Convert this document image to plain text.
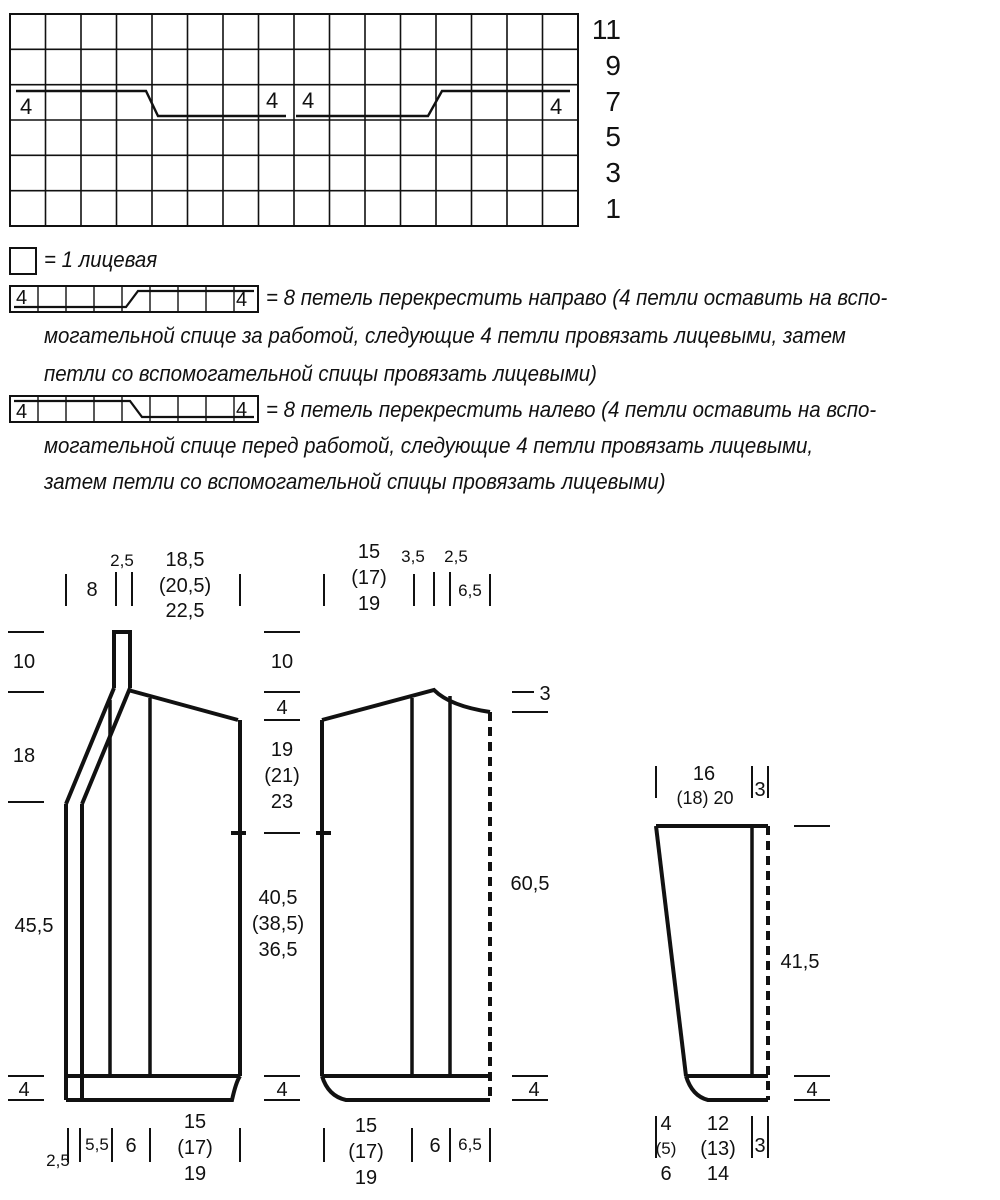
4	4 4	4
11
9
7
5
3
1
4	4
4	4
2,5
8
18,5
(20,5)
22,5
10
18
45,5
4
10
4
19
(21)
23
40,5
(38,5)
36,5
4
2,5
5,5 6
15
(17)
19
15
(17)
19
3,5 2,5
6,5
3
60,5
4
15
(17)
19
6 6,5
16
(18) 20 3
41,5
4
4
(5)
6
12
(13)
14
3
= 1 лицевая
= 8 петель перекрестить направо (4 петли оставить на вспо-
могательной спице за работой, следующие 4 петли провязать лицевыми, затем
петли со вспомогательной спицы провязать лицевыми)
= 8 петель перекрестить налево (4 петли оставить на вспо-
могательной спице перед работой, следующие 4 петли провязать лицевыми,
затем петли со вспомогательной спицы провязать лицевыми)
